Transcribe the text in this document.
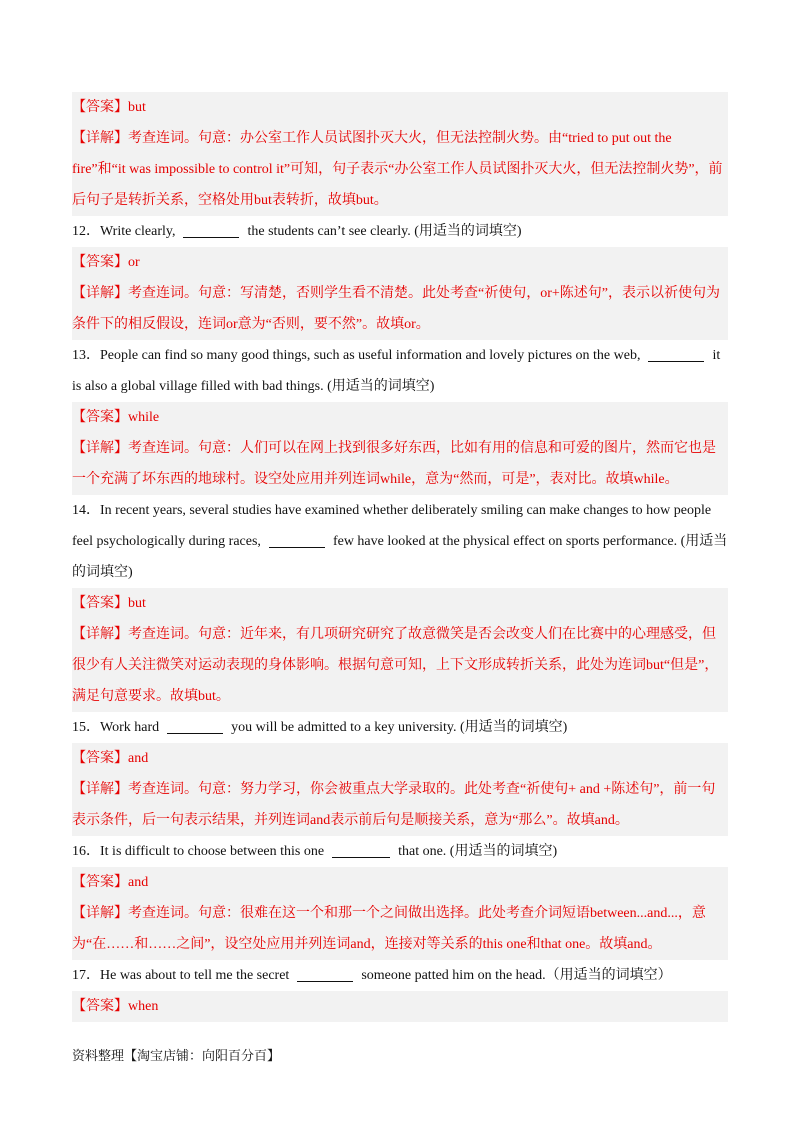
【答案】but

【详解】考查连词。句意：办公室工作人员试图扑灭大火，但无法控制火势。由“tried to put out the fire”和“it was impossible to control it”可知，句子表示“办公室工作人员试图扑灭大火，但无法控制火势”，前后句子是转折关系，空格处用but表转折，故填but。

12．Write clearly,	the students can’t see clearly. (用适当的词填空)

【答案】or

【详解】考查连词。句意：写清楚，否则学生看不清楚。此处考查“祈使句，or+陈述句”，表示以祈使句为条件下的相反假设，连词or意为“否则，要不然”。故填or。

13．People can find so many good things, such as useful information and lovely pictures on the web,	it is also a global village filled with bad things. (用适当的词填空)

【答案】while

【详解】考查连词。句意：人们可以在网上找到很多好东西，比如有用的信息和可爱的图片，然而它也是一个充满了坏东西的地球村。设空处应用并列连词while，意为“然而，可是”，表对比。故填while。

14．In recent years, several studies have examined whether deliberately smiling can make changes to how people feel psychologically during races,	few have looked at the physical effect on sports performance. (用适当的词填空)

【答案】but

【详解】考查连词。句意：近年来，有几项研究研究了故意微笑是否会改变人们在比赛中的心理感受，但很少有人关注微笑对运动表现的身体影响。根据句意可知，上下文形成转折关系，此处为连词but“但是”，满足句意要求。故填but。

15．Work hard	you will be admitted to a key university. (用适当的词填空)

【答案】and

【详解】考查连词。句意：努力学习，你会被重点大学录取的。此处考查“祈使句+ and +陈述句”，前一句表示条件，后一句表示结果，并列连词and表示前后句是顺接关系，意为“那么”。故填and。

16．It is difficult to choose between this one	that one. (用适当的词填空)

【答案】and

【详解】考查连词。句意：很难在这一个和那一个之间做出选择。此处考查介词短语between...and...，意为“在……和……之间”，设空处应用并列连词and，连接对等关系的this one和that one。故填and。

17．He was about to tell me the secret	someone patted him on the head.（用适当的词填空）

【答案】when

资料整理【淘宝店铺：向阳百分百】
